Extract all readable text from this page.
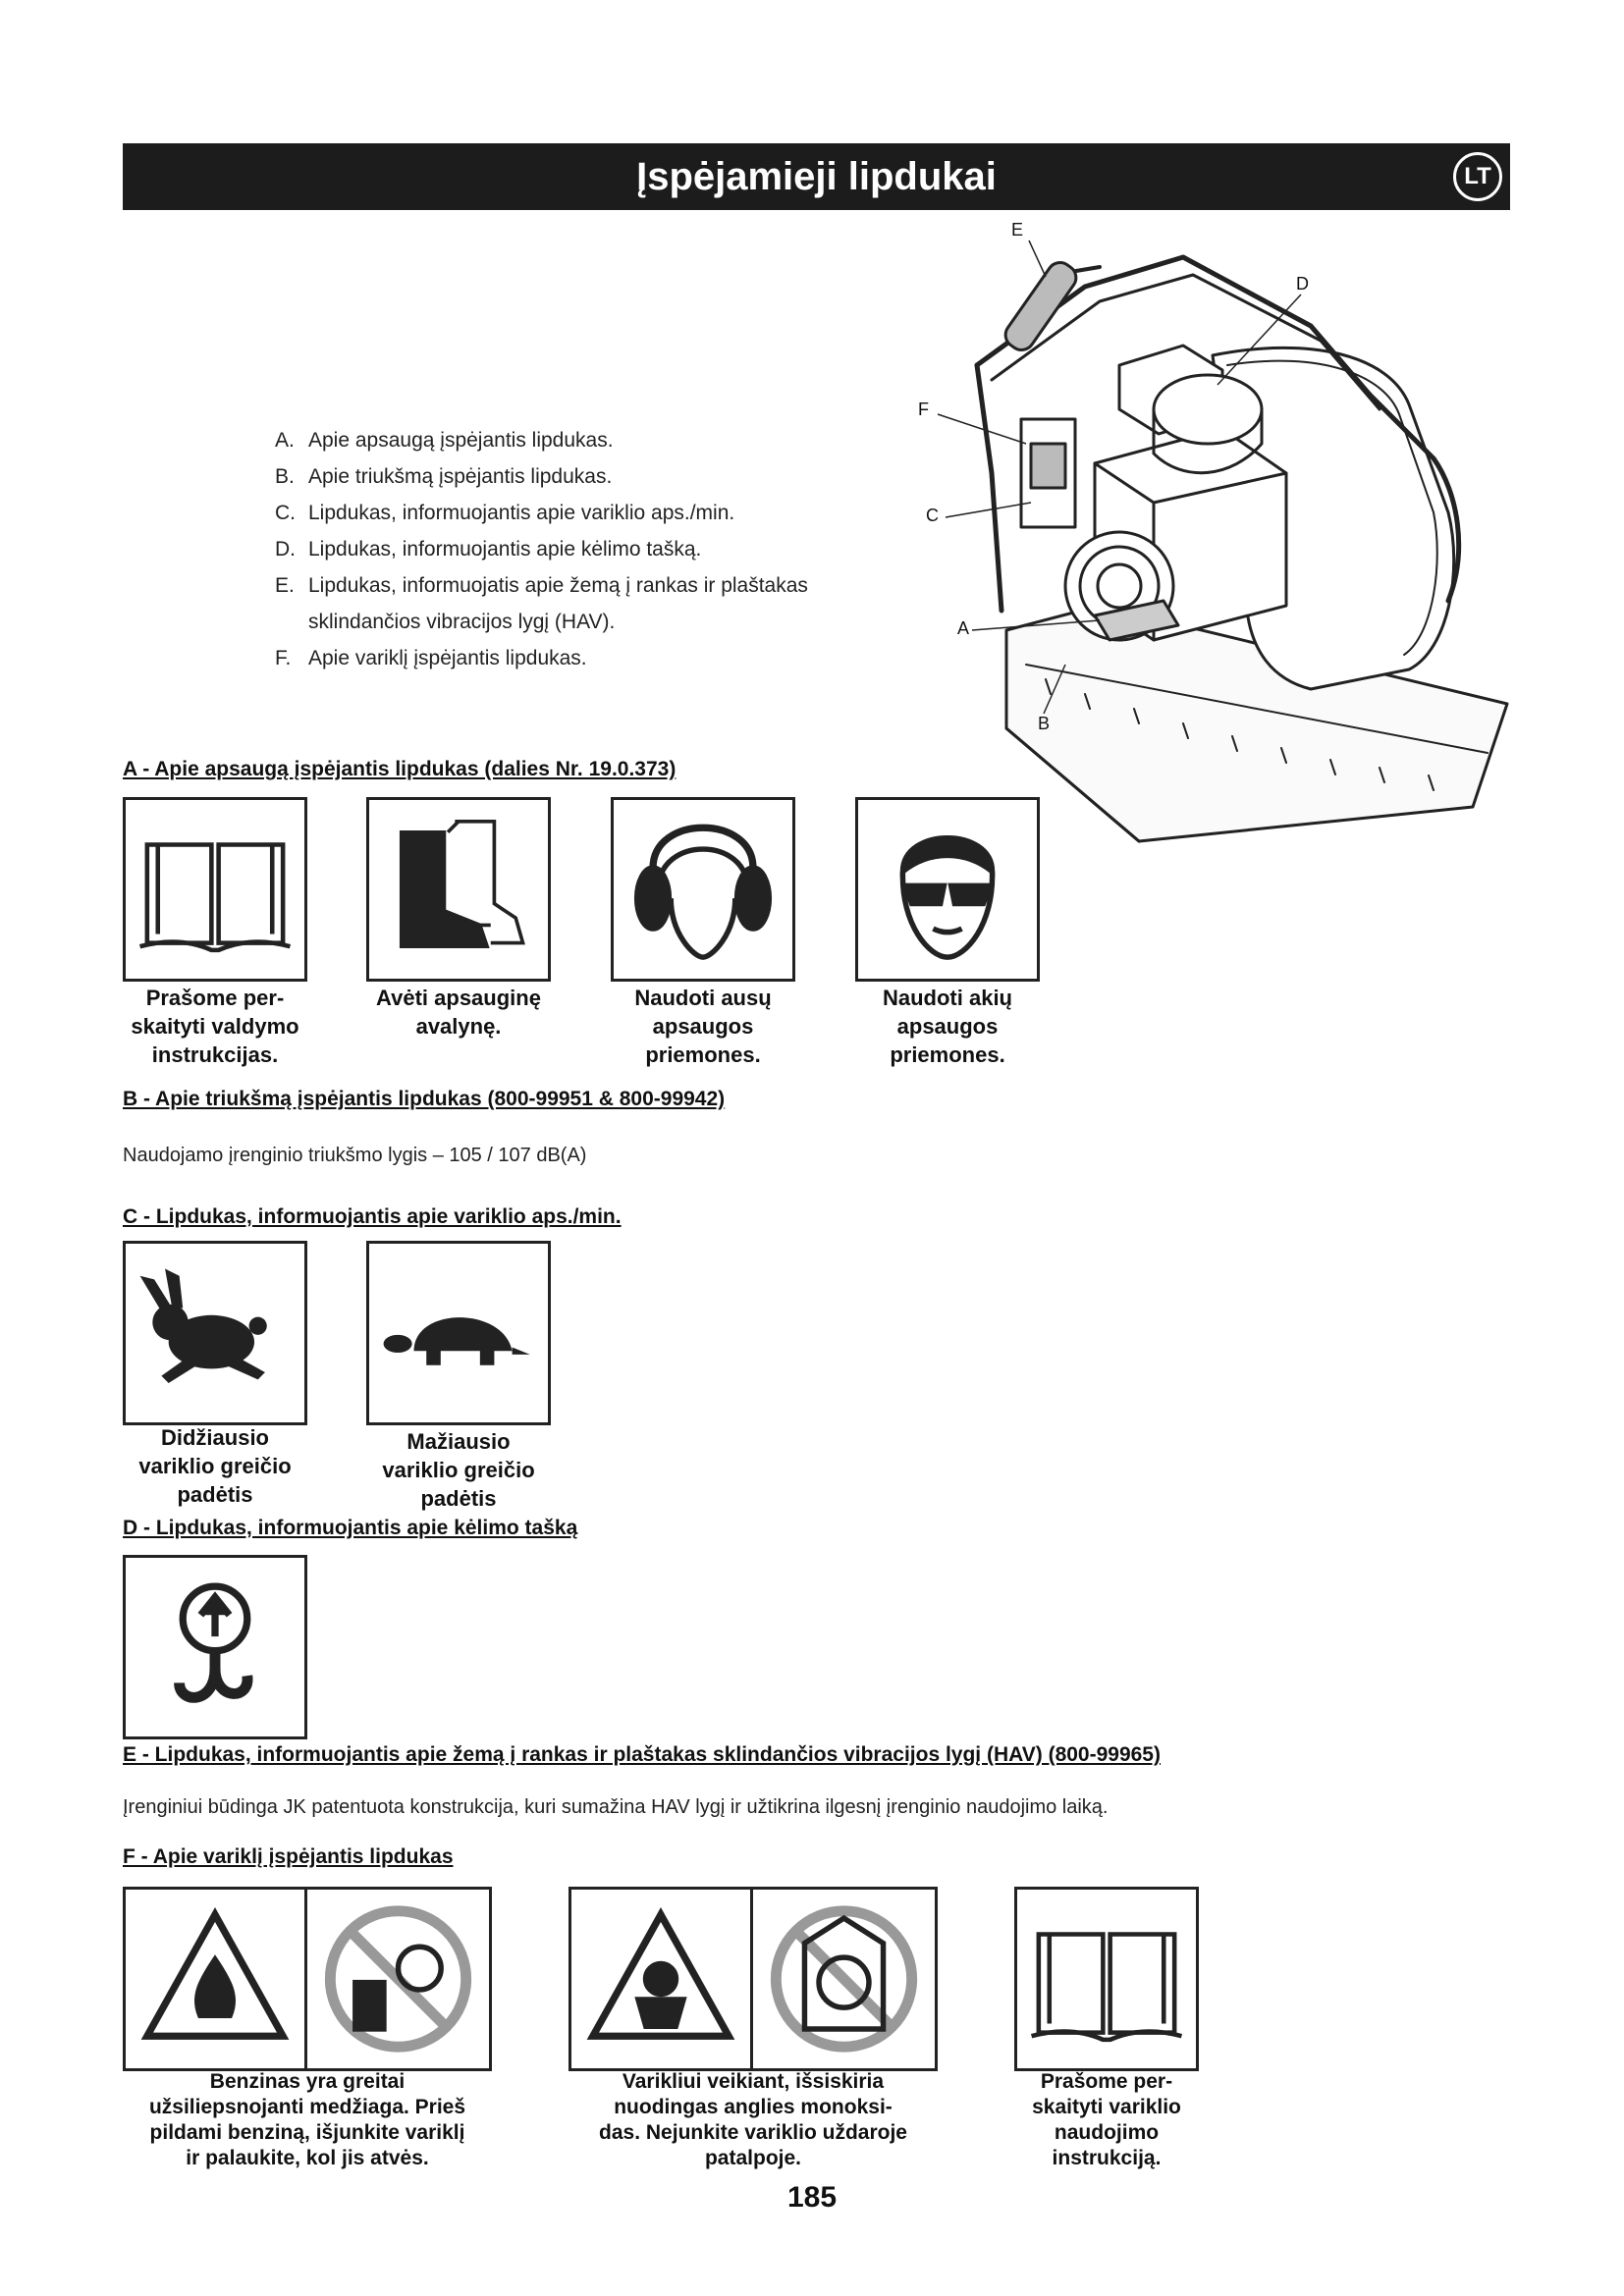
Įspėjamieji lipdukai	LT
E
D
F
C
A
B
A. Apie apsaugą įspėjantis lipdukas.
B. Apie triukšmą įspėjantis lipdukas.
C. Lipdukas, informuojantis apie variklio aps./min.
D. Lipdukas, informuojantis apie kėlimo tašką.
E. Lipdukas, informuojatis apie žemą į rankas ir plaštakas sklindančios vibracijos lygį (HAV).
F. Apie variklį įspėjantis lipdukas.
A - Apie apsaugą įspėjantis lipdukas (dalies Nr. 19.0.373)
Prašome per-
skaityti valdymo
instrukcijas.
Avėti apsauginę
avalynę.
Naudoti ausų
apsaugos
priemones.
Naudoti akių
apsaugos
priemones.
B - Apie triukšmą įspėjantis lipdukas (800-99951 & 800-99942)
Naudojamo įrenginio triukšmo lygis – 105 / 107 dB(A)
C - Lipdukas, informuojantis apie variklio aps./min.
Didžiausio
variklio greičio
padėtis
Mažiausio
variklio greičio
padėtis
D - Lipdukas, informuojantis apie kėlimo tašką
E - Lipdukas, informuojantis apie žemą į rankas ir plaštakas sklindančios vibracijos lygį (HAV) (800-99965)
Įrenginiui būdinga JK patentuota konstrukcija, kuri sumažina HAV lygį ir užtikrina ilgesnį įrenginio naudojimo laiką.
F - Apie variklį įspėjantis lipdukas
Benzinas yra greitai
užsiliepsnojanti medžiaga. Prieš
pildami benziną, išjunkite variklį
ir palaukite, kol jis atvės.
Varikliui veikiant, išsiskiria
nuodingas anglies monoksi-
das. Nejunkite variklio uždaroje
patalpoje.
Prašome per-
skaityti variklio
naudojimo
instrukciją.
185
